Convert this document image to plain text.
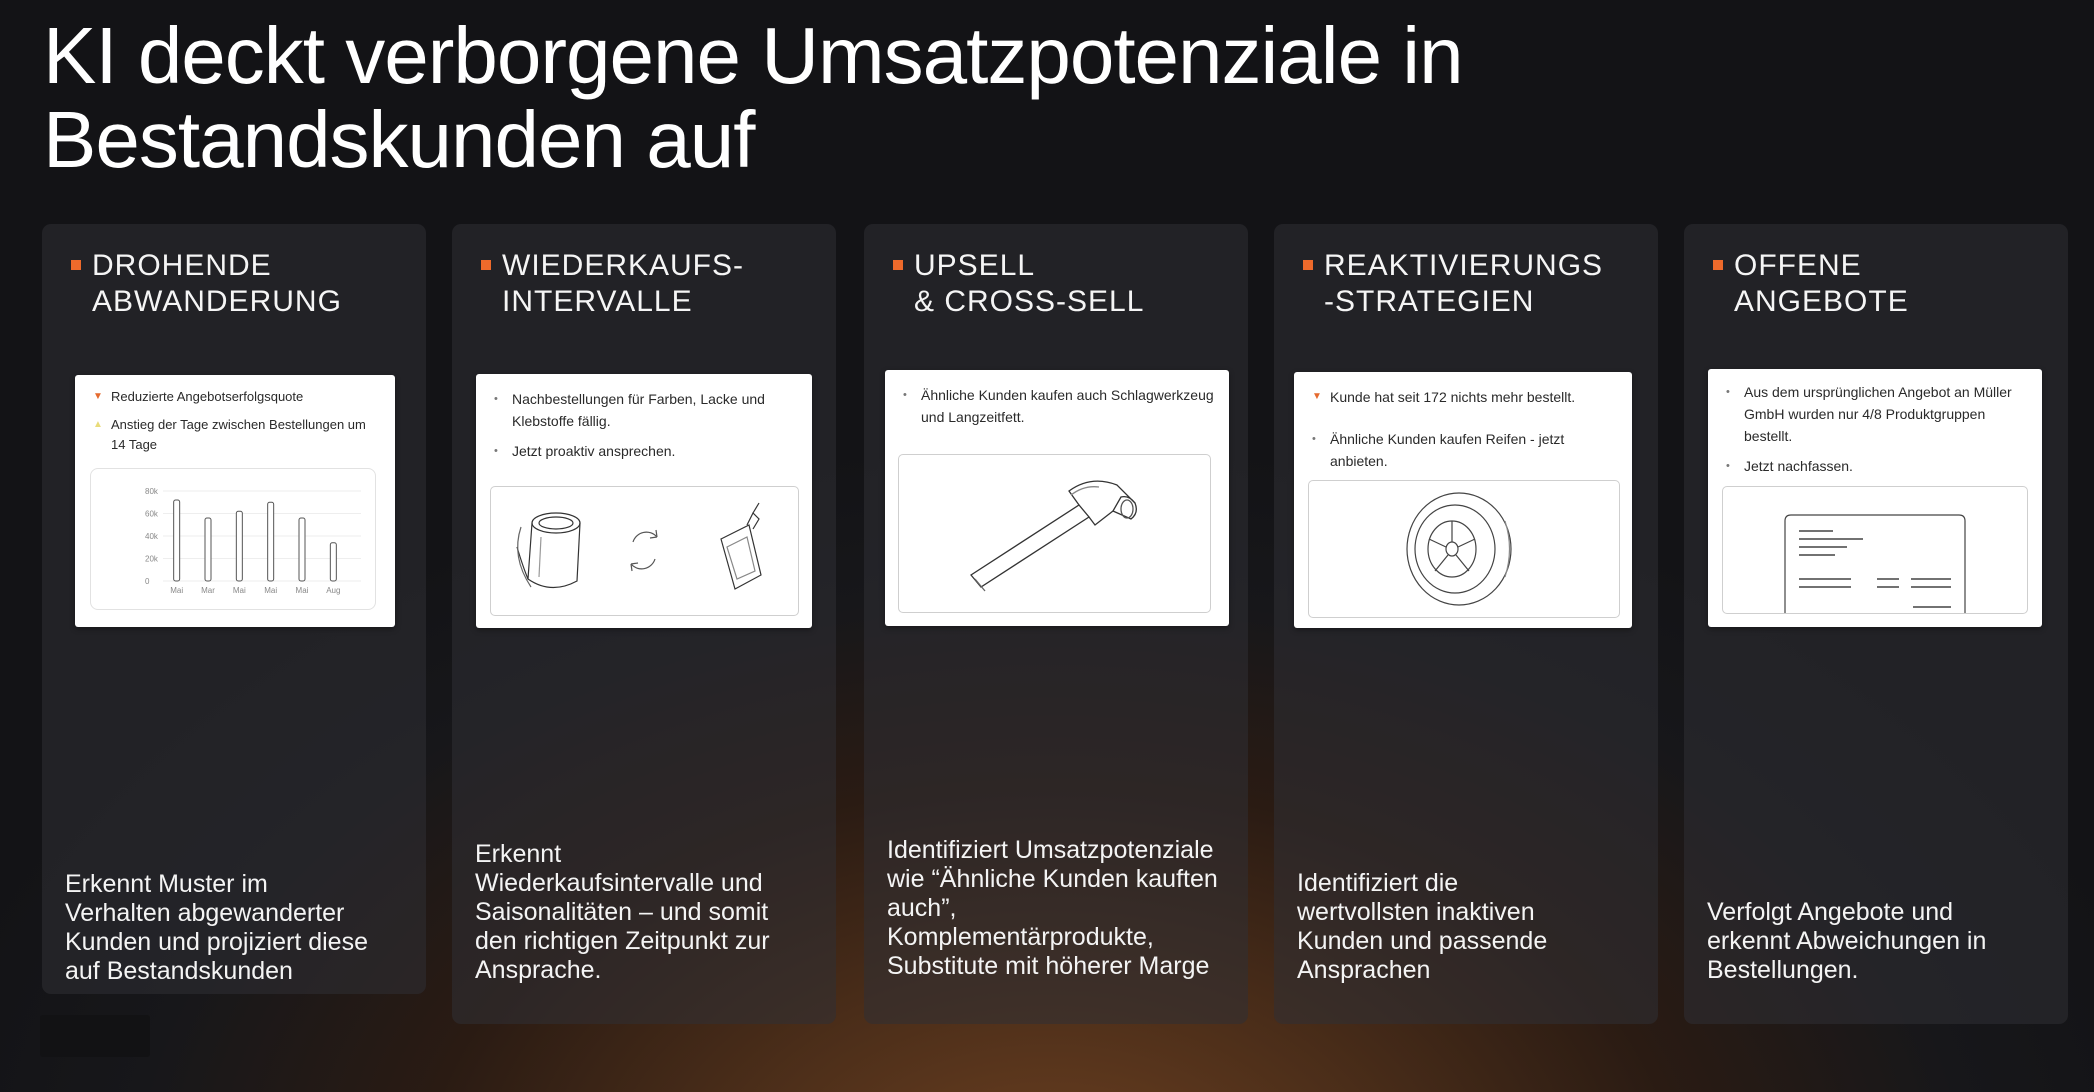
KI deckt verborgene Umsatzpotenziale in
Bestandskunden auf
DROHENDE
ABWANDERUNG
▼ Reduzierte Angebotserfolgsquote
▲ Anstieg der Tage zwischen Bestellungen um 14 Tage
80k
60k
40k
20k
0
Mai Mar Mai Mai Mai Aug
Erkennt Muster im
Verhalten abgewanderter
Kunden und projiziert diese
auf Bestandskunden
WIEDERKAUFS-
INTERVALLE
• Nachbestellungen für Farben, Lacke und Klebstoffe fällig.
• Jetzt proaktiv ansprechen.
Erkennt
Wiederkaufsintervalle und
Saisonalitäten – und somit
den richtigen Zeitpunkt zur
Ansprache.
UPSELL
& CROSS-SELL
• Ähnliche Kunden kaufen auch Schlagwerkzeug und Langzeitfett.
Identifiziert Umsatzpotenziale
wie “Ähnliche Kunden kauften
auch”,
Komplementärprodukte,
Substitute mit höherer Marge
REAKTIVIERUNGS
-STRATEGIEN
▼ Kunde hat seit 172 nichts mehr bestellt.
• Ähnliche Kunden kaufen Reifen - jetzt anbieten.
Identifiziert die
wertvollsten inaktiven
Kunden und passende
Ansprachen
OFFENE
ANGEBOTE
• Aus dem ursprünglichen Angebot an Müller GmbH wurden nur 4/8 Produktgruppen bestellt.
• Jetzt nachfassen.
Verfolgt Angebote und
erkennt Abweichungen in
Bestellungen.
